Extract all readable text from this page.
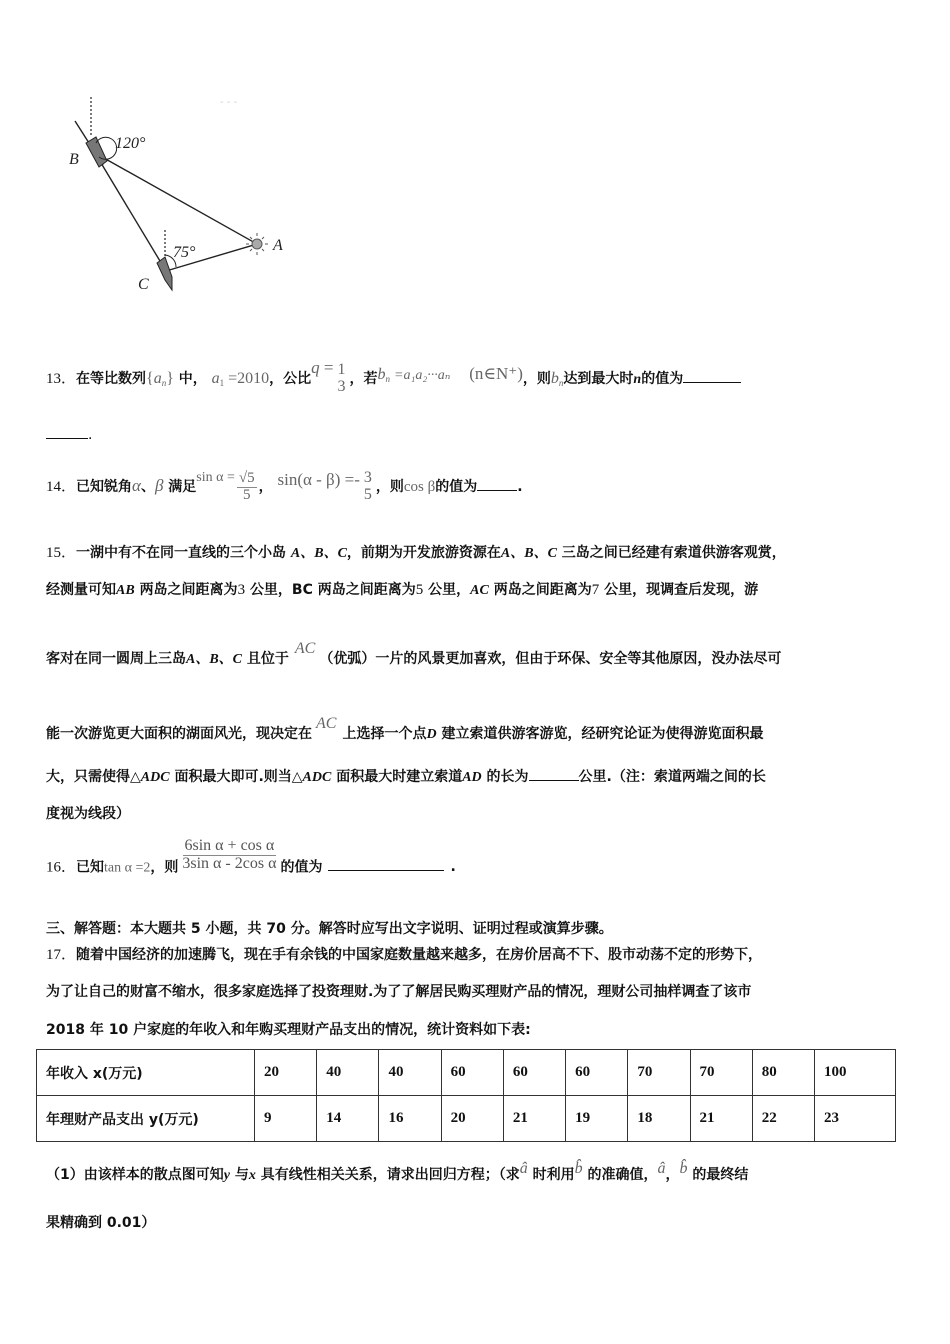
- - -
120°
B
75°
C
A
13．在等比数列$\{a_n\}$ 中， $a_1 =2010$，公比q = 1
3 ，若$b_n =a_1a_2\cdot\cdot\cdot a_n$ (n∈N⁺)，则$b_n$达到最大时n的值为
.
14．已知锐角α、β 满足$\sin \alpha = \frac{√5}{5}$ ， sin(α - β) =- 3
5 ，则cos β的值为	.
15．一湖中有不在同一直线的三个小岛 A、B、C，前期为开发旅游资源在A、B、C 三岛之间已经建有索道供游客观赏，
经测量可知AB 两岛之间距离为3 公里，BC 两岛之间距离为5 公里，AC 两岛之间距离为7 公里，现调查后发现，游
客对在同一圆周上三岛A、B、C 且位于AC（优弧）一片的风景更加喜欢，但由于环保、安全等其他原因，没办法尽可
能一次游览更大面积的湖面风光，现决定在AC上选择一个点D 建立索道供游客游览，经研究论证为使得游览面积最
大，只需使得△ADC 面积最大即可.则当△ADC 面积最大时建立索道AD 的长为	公里.（注：索道两端之间的长
度视为线段）
16．已知tan α =2，则 $\frac{\text{6sin α + cos α}}{\text{3sin α - 2cos α}}$ 的值为	.
三、解答题：本大题共 5 小题，共 70 分。解答时应写出文字说明、证明过程或演算步骤。
17．随着中国经济的加速腾飞，现在手有余钱的中国家庭数量越来越多，在房价居高不下、股市动荡不定的形势下，
为了让自己的财富不缩水，很多家庭选择了投资理财.为了了解居民购买理财产品的情况，理财公司抽样调查了该市
2018 年 10 户家庭的年收入和年购买理财产品支出的情况，统计资料如下表:
年收入 x(万元)	20	40	40	60	60	60	70	70	80	100
年理财产品支出 y(万元)	9	14	16	20	21	19	18	21	22	23
（1）由该样本的散点图可知y 与x 具有线性相关关系，请求出回归方程；（求â 时利用b̂ 的准确值，â，b̂ 的最终结
果精确到 0.01）
